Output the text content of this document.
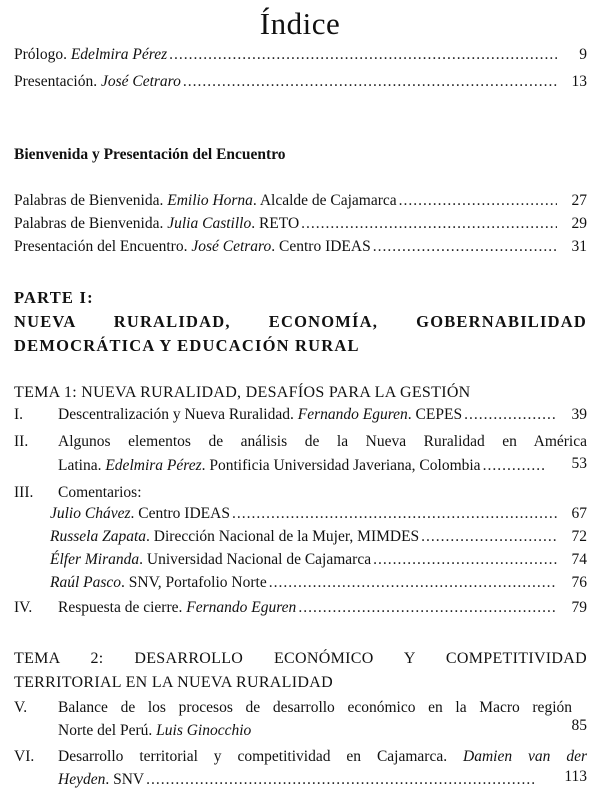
Índice
Prólogo. Edelmira Pérez .....	9
Presentación. José Cetraro .....	13
Bienvenida y Presentación del Encuentro
Palabras de Bienvenida. Emilio Horna. Alcalde de Cajamarca .....	27
Palabras de Bienvenida. Julia Castillo. RETO .....	29
Presentación del Encuentro. José Cetraro. Centro IDEAS .....	31
PARTE I:
NUEVA RURALIDAD, ECONOMÍA, GOBERNABILIDAD
DEMOCRÁTICA Y EDUCACIÓN RURAL
TEMA 1: NUEVA RURALIDAD, DESAFÍOS PARA LA GESTIÓN
I.	Descentralización y Nueva Ruralidad. Fernando Eguren. CEPES .....	39
II.	Algunos elementos de análisis de la Nueva Ruralidad en América
Latina. Edelmira Pérez. Pontificia Universidad Javeriana, Colombia .....	53
III.	Comentarios:
Julio Chávez. Centro IDEAS .....	67
Russela Zapata. Dirección Nacional de la Mujer, MIMDES .....	72
Élfer Miranda. Universidad Nacional de Cajamarca .....	74
Raúl Pasco. SNV, Portafolio Norte .....	76
IV.	Respuesta de cierre. Fernando Eguren .....	79
TEMA 2: DESARROLLO ECONÓMICO Y COMPETITIVIDAD
TERRITORIAL EN LA NUEVA RURALIDAD
V.	Balance de los procesos de desarrollo económico en la Macro región
Norte del Perú. Luis Ginocchio	85
VI.	Desarrollo territorial y competitividad en Cajamarca. Damien van der
Heyden. SNV .....	113
